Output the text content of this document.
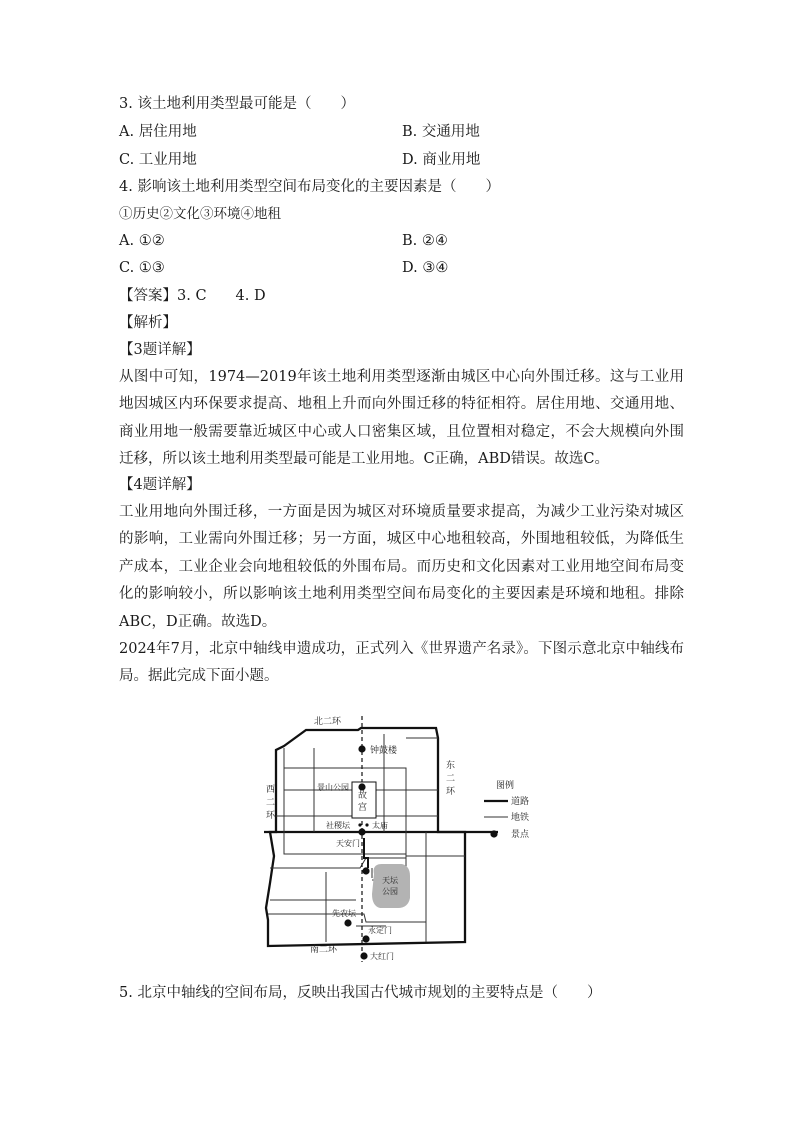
3. 该土地利用类型最可能是（　　）
A. 居住用地	B. 交通用地
C. 工业用地	D. 商业用地
4. 影响该土地利用类型空间布局变化的主要因素是（　　）
①历史②文化③环境④地租
A. ①②	B. ②④
C. ①③	D. ③④
【答案】3. C　　4. D
【解析】
【3题详解】
从图中可知，1974—2019年该土地利用类型逐渐由城区中心向外围迁移。这与工业用地因城区内环保要求提高、地租上升而向外围迁移的特征相符。居住用地、交通用地、商业用地一般需要靠近城区中心或人口密集区域，且位置相对稳定，不会大规模向外围迁移，所以该土地利用类型最可能是工业用地。C正确，ABD错误。故选C。
【4题详解】
工业用地向外围迁移，一方面是因为城区对环境质量要求提高，为减少工业污染对城区的影响，工业需向外围迁移；另一方面，城区中心地租较高，外围地租较低，为降低生产成本，工业企业会向地租较低的外围布局。而历史和文化因素对工业用地空间布局变化的影响较小，所以影响该土地利用类型空间布局变化的主要因素是环境和地租。排除ABC，D正确。故选D。
2024年7月，北京中轴线申遗成功，正式列入《世界遗产名录》。下图示意北京中轴线布局。据此完成下面小题。
北二环
钟鼓楼
景山公园
故
宫
社稷坛	太庙
天安门
天坛
公园
先农坛
永定门
大红门
南二环
西
二
环
东
二
环
图例
道路
地铁
景点
5. 北京中轴线的空间布局，反映出我国古代城市规划的主要特点是（　　）
